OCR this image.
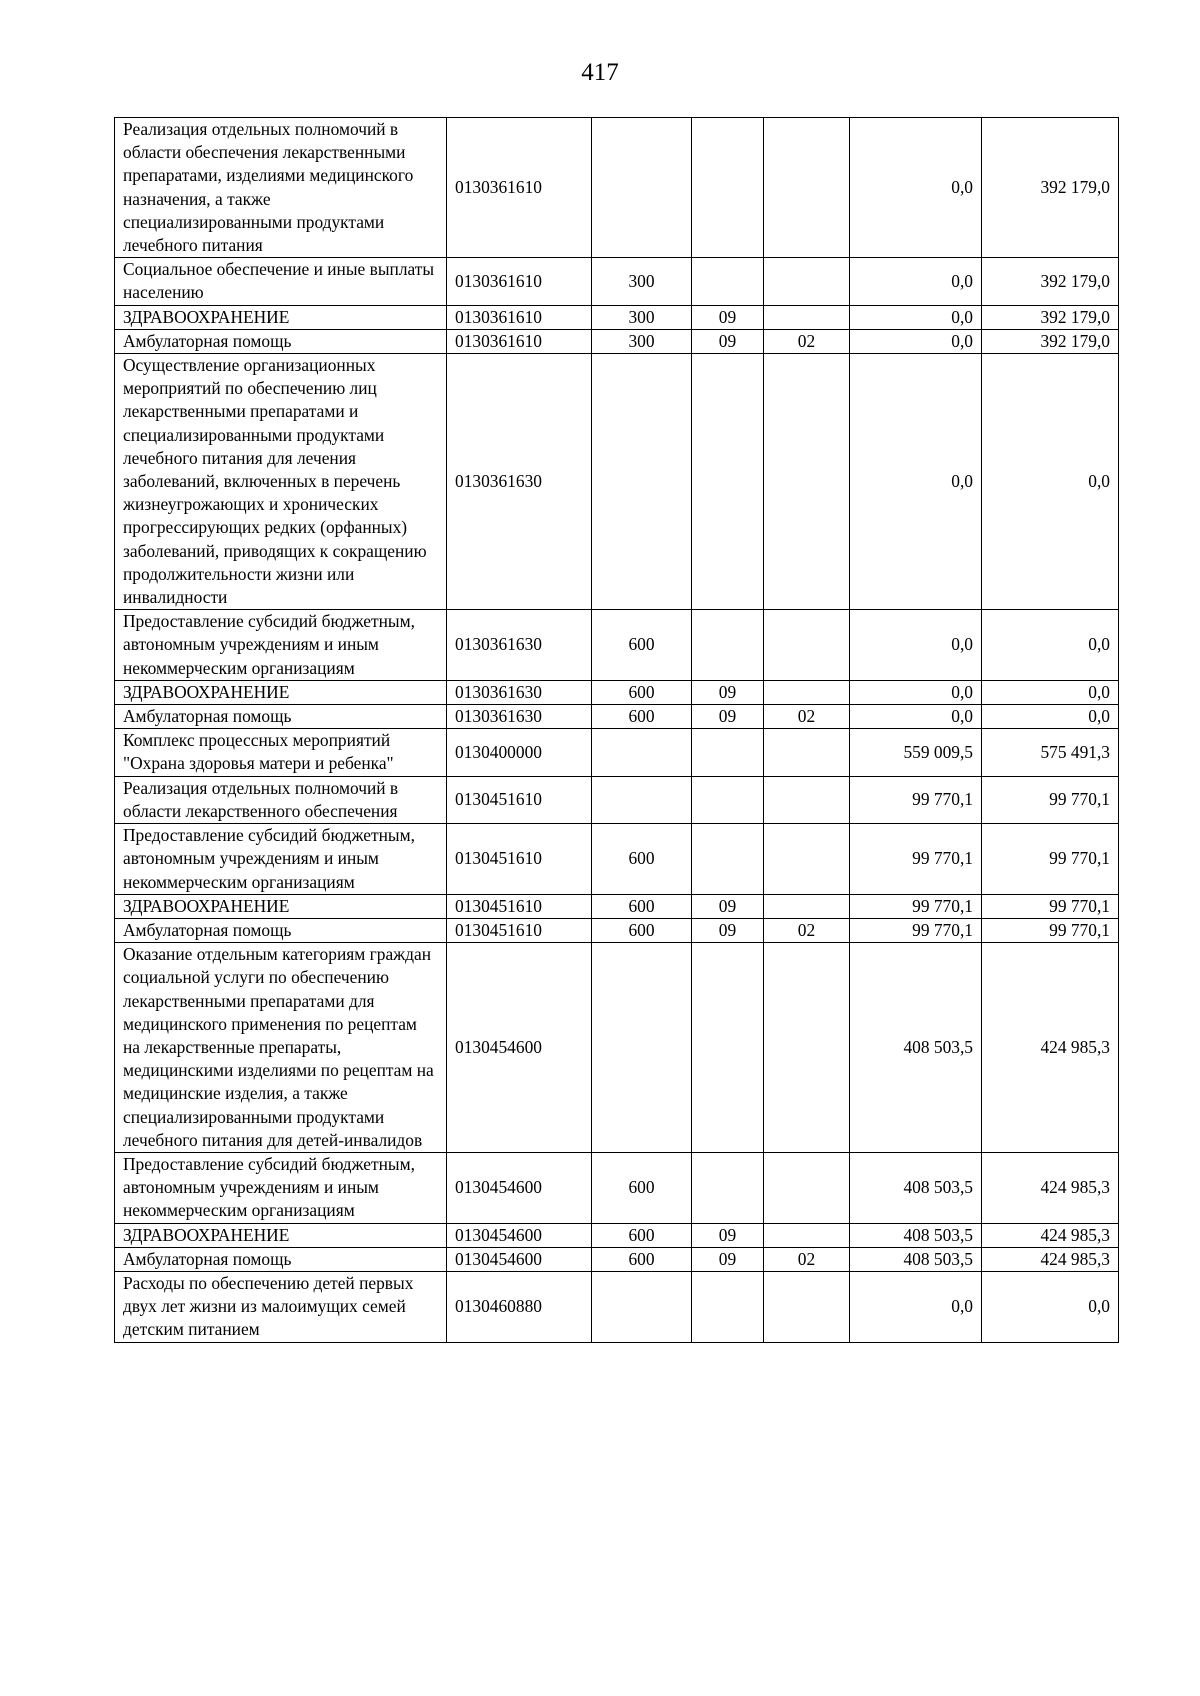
417
Реализация отдельных полномочий в области обеспечения лекарственными препаратами, изделиями медицинского назначения, а также специализированными продуктами лечебного питания	0130361610				0,0	392 179,0
Социальное обеспечение и иные выплаты населению	0130361610	300			0,0	392 179,0
ЗДРАВООХРАНЕНИЕ	0130361610	300	09		0,0	392 179,0
Амбулаторная помощь	0130361610	300	09	02	0,0	392 179,0
Осуществление организационных мероприятий по обеспечению лиц лекарственными препаратами и специализированными продуктами лечебного питания для лечения заболеваний, включенных в перечень жизнеугрожающих и хронических прогрессирующих редких (орфанных) заболеваний, приводящих к сокращению продолжительности жизни или инвалидности	0130361630				0,0	0,0
Предоставление субсидий бюджетным, автономным учреждениям и иным некоммерческим организациям	0130361630	600			0,0	0,0
ЗДРАВООХРАНЕНИЕ	0130361630	600	09		0,0	0,0
Амбулаторная помощь	0130361630	600	09	02	0,0	0,0
Комплекс процессных мероприятий "Охрана здоровья матери и ребенка"	0130400000				559 009,5	575 491,3
Реализация отдельных полномочий в области лекарственного обеспечения	0130451610				99 770,1	99 770,1
Предоставление субсидий бюджетным, автономным учреждениям и иным некоммерческим организациям	0130451610	600			99 770,1	99 770,1
ЗДРАВООХРАНЕНИЕ	0130451610	600	09		99 770,1	99 770,1
Амбулаторная помощь	0130451610	600	09	02	99 770,1	99 770,1
Оказание отдельным категориям граждан социальной услуги по обеспечению лекарственными препаратами для медицинского применения по рецептам на лекарственные препараты, медицинскими изделиями по рецептам на медицинские изделия, а также специализированными продуктами лечебного питания для детей-инвалидов	0130454600				408 503,5	424 985,3
Предоставление субсидий бюджетным, автономным учреждениям и иным некоммерческим организациям	0130454600	600			408 503,5	424 985,3
ЗДРАВООХРАНЕНИЕ	0130454600	600	09		408 503,5	424 985,3
Амбулаторная помощь	0130454600	600	09	02	408 503,5	424 985,3
Расходы по обеспечению детей первых двух лет жизни из малоимущих семей детским питанием	0130460880				0,0	0,0
